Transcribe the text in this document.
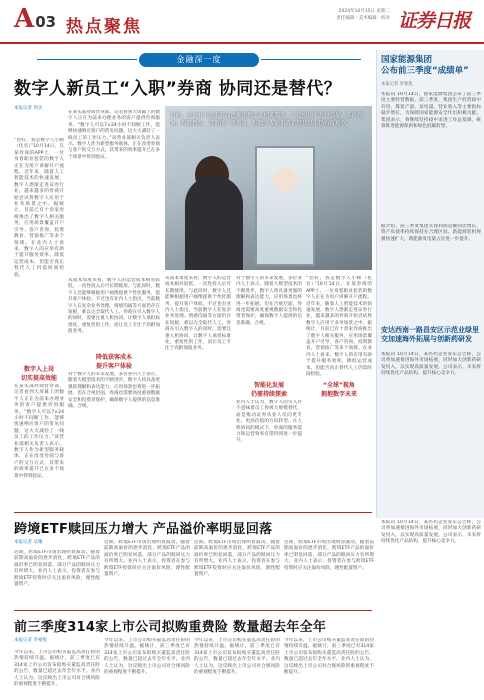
A03 热点聚焦
2024年10月15日 星期二
责任编辑 · 美术编辑 · 校对 证券日报
金融深一度
数字人新员工“入职”券商 协同还是替代？
本报记者 周尖
目前，至少有十余家券商已推出数字人相关服务，广泛应用于开户引导、客户咨询、投资教育、营销推广等场景，但数字人能否真正替代员工仍有待观察。
“您好，我是数字人小顾（化名）”10月14日，在某券商的APP上，一位身着职业套装的数字人正在为用户讲解开户流程。近年来，随着人工智能技术的快速发展，数字人逐渐走进证券行业，越来越多的券商开始尝试将数字人应用于业务场景之中。据统计，目前已有十余家券商推出了数字人相关服务，应用场景覆盖开户引导、客户咨询、投资教育、营销推广等多个领域。在业内人士看来，数字人的应用有助于提升服务效率、降低运营成本，但能否真正替代人工仍需时间检验。
数字人上岗
切实提高效能
在某头部券商营业部，记者看到大屏幕上的数字人正在为前来办理业务的客户提供咨询服务。“数字人可以7×24小时不间断工作，能够快速响应客户的常见问题，这大大减轻了一线员工的工作压力。”该营业部相关负责人表示。数字人作为新型服务载体，正在改变券商与客户的交互方式，其带来的效率提升已在多个场景中得到验证。
在某头部券商营业部，记者看到大屏幕上的数字人正在为前来办理业务的客户提供咨询服务。“数字人可以7×24小时不间断工作，能够快速响应客户的常见问题，这大大减轻了一线员工的工作压力。”该营业部相关负责人表示。数字人作为新型服务载体，正在改变券商与客户的交互方式，其带来的效率提升已在多个场景中得到验证。
从成本角度来看，数字人的运营成本相对较低，一次性投入后可长期使用。与此同时，数字人还能够根据用户画像提供个性化服务，提升客户体验。不过也有业内人士指出，当前数字人在复杂业务处理、情感沟通等方面仍存在短板，难以完全取代人工。券商在引入数字人的同时，需要注重人机协同，让数字人承担标准化、重复性的工作，而让员工专注于高附加值业务。
降低获客成本
提升客户体验
对于数字人的未来发展，多位业内人士表示，随着大模型技术的不断进步，数字人将具备更强的理解和表达能力，应用场景也将进一步拓展。但在合规层面，券商也需要高度重视数据安全和投资者保护，确保数字人提供的信息准确、合规。
从成本角度来看，数字人的运营成本相对较低，一次性投入后可长期使用。与此同时，数字人还能够根据用户画像提供个性化服务，提升客户体验。不过也有业内人士指出，当前数字人在复杂业务处理、情感沟通等方面仍存在短板，难以完全取代人工。券商在引入数字人的同时，需要注重人机协同，让数字人承担标准化、重复性的工作，而让员工专注于高附加值业务。
对于数字人的未来发展，多位业内人士表示，随着大模型技术的不断进步，数字人将具备更强的理解和表达能力，应用场景也将进一步拓展。但在合规层面，券商也需要高度重视数据安全和投资者保护，确保数字人提供的信息准确、合规。
智能化发展
仍需持续探索
业内人士认为，数字人的引入并不意味着员工将被大规模替代，而是推动证券从业人员向更专业、更高价值的方向转型。在人机协同的模式下，券商的服务能力和运营效率有望得到进一步提升。
“您好，我是数字人小顾（化名）”10月14日，在某券商的APP上，一位身着职业套装的数字人正在为用户讲解开户流程。近年来，随着人工智能技术的快速发展，数字人逐渐走进证券行业，越来越多的券商开始尝试将数字人应用于业务场景之中。据统计，目前已有十余家券商推出了数字人相关服务，应用场景覆盖开户引导、客户咨询、投资教育、营销推广等多个领域。在业内人士看来，数字人的应用有助于提升服务效率、降低运营成本，但能否真正替代人工仍需时间检验。
“全球”视角
拥抱数字未来
国家能源集团
公布前三季度“成绩单”
本报记者 李春莲
本报讯 10月14日，国家能源集团公布了前三季度主要经营数据。前三季度，集团生产经营稳中有进，煤炭产量、发电量、营业收入等主要指标稳步增长，为保障国家能源安全作出积极贡献。集团表示，将继续坚持稳中求进工作总基调，统筹推进能源保供和绿色低碳转型。
据介绍，前三季度集团实现利润总额同比增长，资产负债率持续保持在合理区间。新能源装机规模快速扩大，新能源发电量占比进一步提升。
安达西南一路昌安区示范业绿里交加速海外拓展与创新药研发
本报讯 10月14日，某医药企业发布公告称，公司将加速推进海外市场拓展，同时加大创新药研发投入，以实现高质量发展。公司表示，未来将持续优化产品结构，提升核心竞争力。
跨境ETF赎回压力增大 产品溢价率明显回落
本报记者 吴珊
近期，跨境ETF市场出现明显波动。随着前期高溢价的逐步消化，跨境ETF产品的溢价率已明显回落，部分产品的赎回压力有所增大。业内人士表示，投资者在参与跨境ETF投资时应关注溢价风险，理性配置资产。
近期，跨境ETF市场出现明显波动。随着前期高溢价的逐步消化，跨境ETF产品的溢价率已明显回落，部分产品的赎回压力有所增大。业内人士表示，投资者在参与跨境ETF投资时应关注溢价风险，理性配置资产。
近期，跨境ETF市场出现明显波动。随着前期高溢价的逐步消化，跨境ETF产品的溢价率已明显回落，部分产品的赎回压力有所增大。业内人士表示，投资者在参与跨境ETF投资时应关注溢价风险，理性配置资产。
近期，跨境ETF市场出现明显波动。随着前期高溢价的逐步消化，跨境ETF产品的溢价率已明显回落，部分产品的赎回压力有所增大。业内人士表示，投资者在参与跨境ETF投资时应关注溢价风险，理性配置资产。
本报讯 10月14日，某医药企业发布公告称，公司将加速推进海外市场拓展，同时加大创新药研发投入，以实现高质量发展。公司表示，未来将持续优化产品结构，提升核心竞争力。
前三季度314家上市公司拟购重费险 数量超去年全年
本报记者 李豪悦
今年以来，上市公司购买董监高责任险的热情持续升温。据统计，前三季度已有314家上市公司发布拟购买董监高责任险的公告，数量已超过去年全年水平。业内人士认为，这反映出上市公司对合规风险的重视程度不断提升。
今年以来，上市公司购买董监高责任险的热情持续升温。据统计，前三季度已有314家上市公司发布拟购买董监高责任险的公告，数量已超过去年全年水平。业内人士认为，这反映出上市公司对合规风险的重视程度不断提升。
今年以来，上市公司购买董监高责任险的热情持续升温。据统计，前三季度已有314家上市公司发布拟购买董监高责任险的公告，数量已超过去年全年水平。业内人士认为，这反映出上市公司对合规风险的重视程度不断提升。
今年以来，上市公司购买董监高责任险的热情持续升温。据统计，前三季度已有314家上市公司发布拟购买董监高责任险的公告，数量已超过去年全年水平。业内人士认为，这反映出上市公司对合规风险的重视程度不断提升。
